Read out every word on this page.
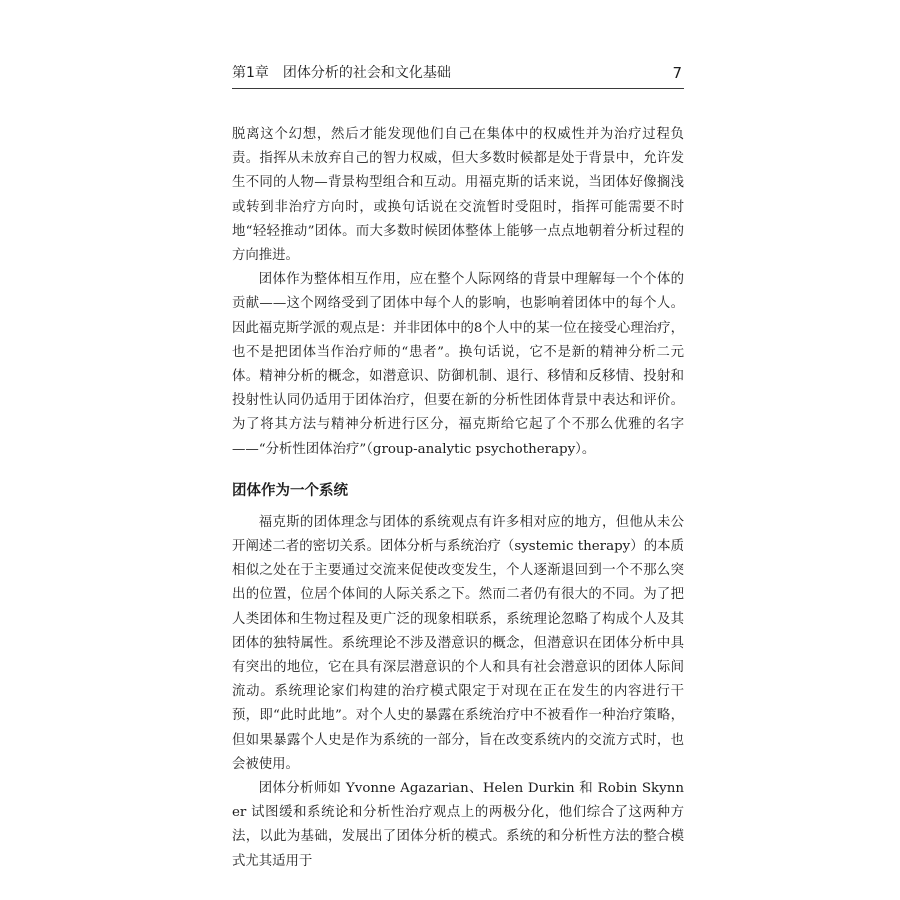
第1章　团体分析的社会和文化基础	7

脱离这个幻想，然后才能发现他们自己在集体中的权威性并为治疗过程负责。指挥从未放弃自己的智力权威，但大多数时候都是处于背景中，允许发生不同的人物—背景构型组合和互动。用福克斯的话来说，当团体好像搁浅或转到非治疗方向时，或换句话说在交流暂时受阻时，指挥可能需要不时地“轻轻推动”团体。而大多数时候团体整体上能够一点点地朝着分析过程的方向推进。

团体作为整体相互作用，应在整个人际网络的背景中理解每一个个体的贡献——这个网络受到了团体中每个人的影响，也影响着团体中的每个人。因此福克斯学派的观点是：并非团体中的8个人中的某一位在接受心理治疗，也不是把团体当作治疗师的“患者”。换句话说，它不是新的精神分析二元体。精神分析的概念，如潜意识、防御机制、退行、移情和反移情、投射和投射性认同仍适用于团体治疗，但要在新的分析性团体背景中表达和评价。为了将其方法与精神分析进行区分，福克斯给它起了个不那么优雅的名字——“分析性团体治疗”（group-analytic psychotherapy）。

团体作为一个系统

福克斯的团体理念与团体的系统观点有许多相对应的地方，但他从未公开阐述二者的密切关系。团体分析与系统治疗（systemic therapy）的本质相似之处在于主要通过交流来促使改变发生，个人逐渐退回到一个不那么突出的位置，位居个体间的人际关系之下。然而二者仍有很大的不同。为了把人类团体和生物过程及更广泛的现象相联系，系统理论忽略了构成个人及其团体的独特属性。系统理论不涉及潜意识的概念，但潜意识在团体分析中具有突出的地位，它在具有深层潜意识的个人和具有社会潜意识的团体人际间流动。系统理论家们构建的治疗模式限定于对现在正在发生的内容进行干预，即“此时此地”。对个人史的暴露在系统治疗中不被看作一种治疗策略，但如果暴露个人史是作为系统的一部分，旨在改变系统内的交流方式时，也会被使用。

团体分析师如 Yvonne Agazarian、Helen Durkin 和 Robin Skynner 试图缓和系统论和分析性治疗观点上的两极分化，他们综合了这两种方法，以此为基础，发展出了团体分析的模式。系统的和分析性方法的整合模式尤其适用于
